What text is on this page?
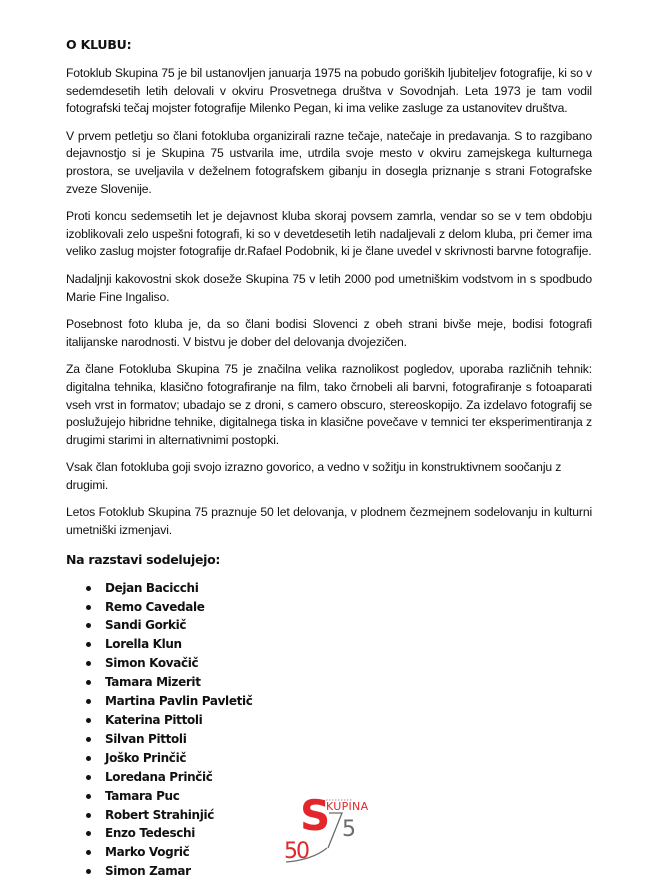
O KLUBU:

Fotoklub Skupina 75 je bil ustanovljen januarja 1975 na pobudo goriških ljubiteljev fotografije, ki so v sedemdesetih letih delovali v okviru Prosvetnega društva v Sovodnjah. Leta 1973 je tam vodil fotografski tečaj mojster fotografije Milenko Pegan, ki ima velike zasluge za ustanovitev društva.

V prvem petletju so člani fotokluba organizirali razne tečaje, natečaje in predavanja. S to razgibano dejavnostjo si je Skupina 75 ustvarila ime, utrdila svoje mesto v okviru zamejskega kulturnega prostora, se uveljavila v deželnem fotografskem gibanju in dosegla priznanje s strani Fotografske zveze Slovenije.

Proti koncu sedemsetih let je dejavnost kluba skoraj povsem zamrla, vendar so se v tem obdobju izoblikovali zelo uspešni fotografi, ki so v devetdesetih letih nadaljevali z delom kluba, pri čemer ima veliko zaslug mojster fotografije dr.Rafael Podobnik, ki je člane uvedel v skrivnosti barvne fotografije.

Nadaljnji kakovostni skok doseže Skupina 75 v letih 2000 pod umetniškim vodstvom in s spodbudo Marie Fine Ingaliso.

Posebnost foto kluba je, da so člani bodisi Slovenci z obeh strani bivše meje, bodisi fotografi italijanske narodnosti. V bistvu je dober del delovanja dvojezičen.

Za člane Fotokluba Skupina 75 je značilna velika raznolikost pogledov, uporaba različnih tehnik: digitalna tehnika, klasično fotografiranje na film, tako črnobeli ali barvni, fotografiranje s fotoaparati vseh vrst in formatov; ubadajo se z droni, s camero obscuro, stereoskopijo. Za izdelavo fotografij se poslužujejo hibridne tehnike, digitalnega tiska in klasične povečave v temnici ter eksperimentiranja z drugimi starimi in alternativnimi postopki.

Vsak član fotokluba goji svojo izrazno govorico, a vedno v sožitju in konstruktivnem soočanju z drugimi.

Letos Fotoklub Skupina 75 praznuje 50 let delovanja, v plodnem čezmejnem sodelovanju in kulturni umetniški izmenjavi.

Na razstavi sodelujejo:
Dejan Bacicchi
Remo Cavedale
Sandi Gorkič
Lorella Klun
Simon Kovačič
Tamara Mizerit
Martina Pavlin Pavletič
Katerina Pittoli
Silvan Pittoli
Joško Prinčič
Loredana Prinčič
Tamara Puc
Robert Strahinjić
Enzo Tedeschi
Marko Vogrič
Simon Zamar
S
KUPINA
5
50
